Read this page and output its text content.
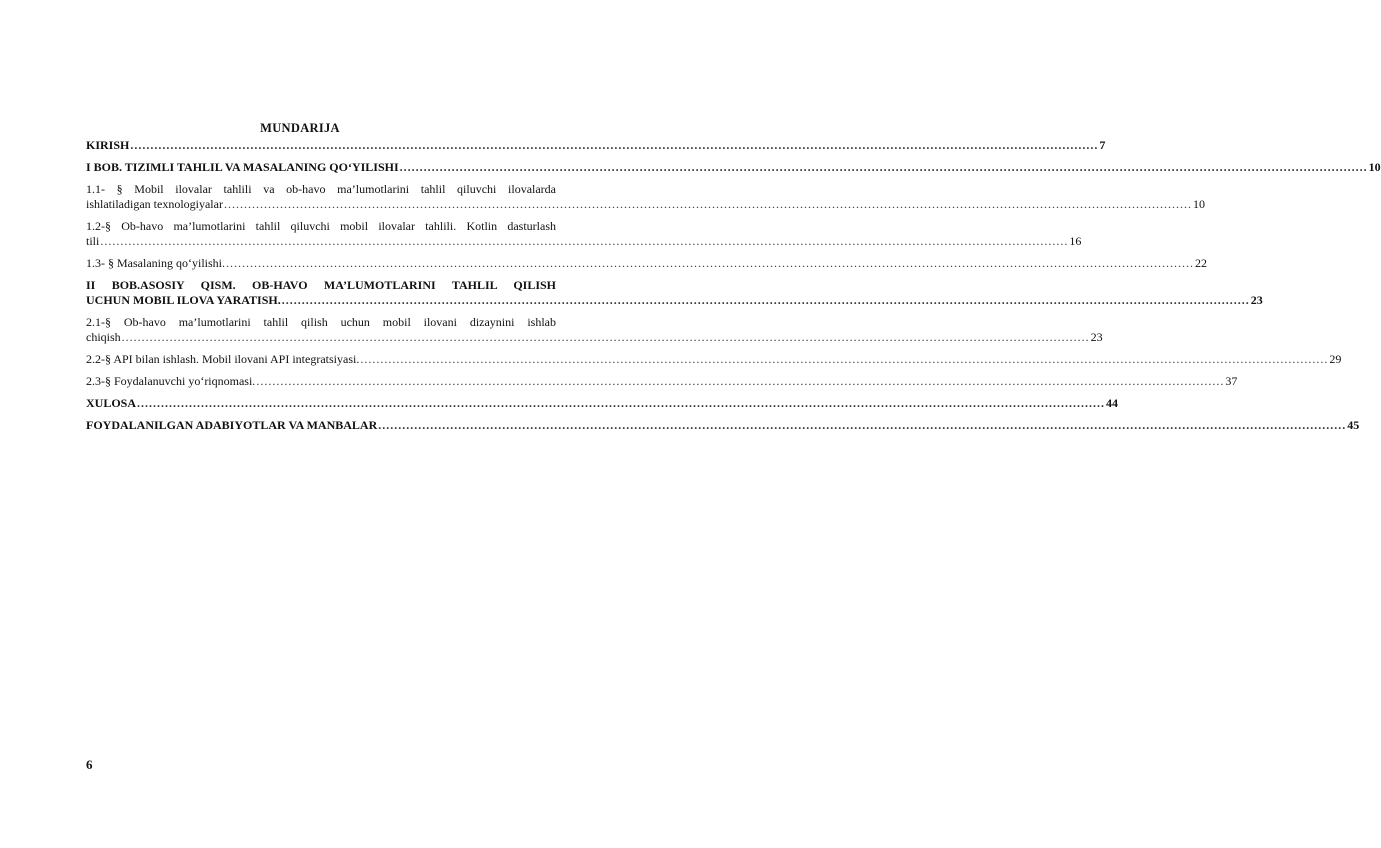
MUNDARIJA
KIRISH .................................................................................................................................................................................................................................................. 7
I BOB. TIZIMLI TAHLIL VA MASALANING QO‘YILISHI .................................................................................................................................................................................................................................................. 10
1.1- § Mobil ilovalar tahlili va ob-havo ma’lumotlarini tahlil qiluvchi ilovalarda
ishlatiladigan texnologiyalar .................................................................................................................................................................................................................................................. 10
1.2-§ Ob-havo ma’lumotlarini tahlil qiluvchi mobil ilovalar tahlili. Kotlin dasturlash
tili .................................................................................................................................................................................................................................................. 16
1.3- § Masalaning qo‘yilishi. .................................................................................................................................................................................................................................................. 22
II BOB.ASOSIY QISM. OB-HAVO MA’LUMOTLARINI TAHLIL QILISH
UCHUN MOBIL ILOVA YARATISH. .................................................................................................................................................................................................................................................. 23
2.1-§ Ob-havo ma’lumotlarini tahlil qilish uchun mobil ilovani dizaynini ishlab
chiqish .................................................................................................................................................................................................................................................. 23
2.2-§ API bilan ishlash. Mobil ilovani API integratsiyasi. .................................................................................................................................................................................................................................................. 29
2.3-§ Foydalanuvchi yo‘riqnomasi. .................................................................................................................................................................................................................................................. 37
XULOSA .................................................................................................................................................................................................................................................. 44
FOYDALANILGAN ADABIYOTLAR VA MANBALAR .................................................................................................................................................................................................................................................. 45
6
